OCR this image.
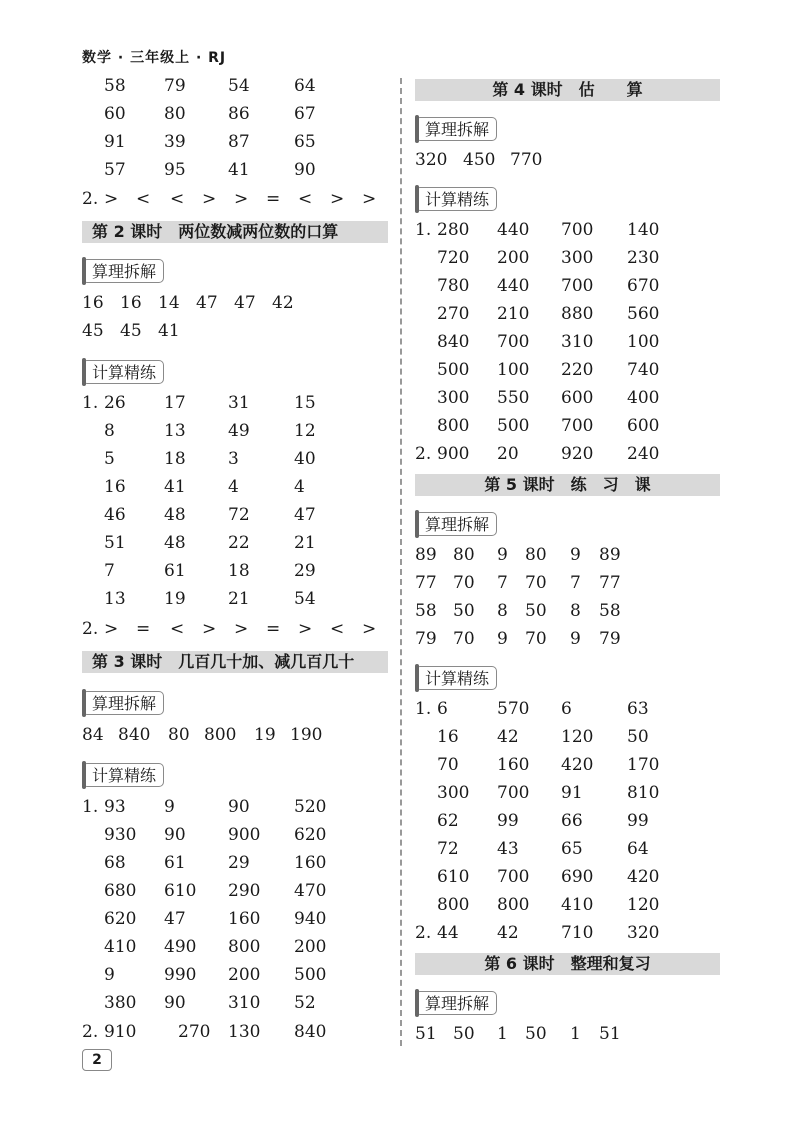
数学 · 三年级上 · RJ
58 79 54	64
60 80 86	67
91 39 87	65
57 95 41	90
2. > < < > > = < > >
第 2 课时　两位数减两位数的口算
算理拆解
16 16 14 47 47 42
45 45 41
计算精练
1. 26 17 31	15
8	13 49	12
5	18 3	40
16 41 4	4
46 48 72	47
51 48 22	21
7	61 18	29
13 19 21	54
2. > = < > > = > < >
第 3 课时　几百几十加、减几百几十
算理拆解
84 840 80 800 19 190
计算精练
1. 93 9	90	520
930 90 900 620
68 61 29	160
680 610 290 470
620 47 160 940
410 490 800 200
9	990 200 500
380 90 310 52
2. 910 270 130 840
第 4 课时　估　　算
算理拆解
320 450 770
计算精练
1. 280 440 700 140
720 200 300 230
780 440 700 670
270 210 880 560
840 700 310 100
500 100 220 740
300 550 600 400
800 500 700 600
2. 900 20 920 240
第 5 课时　练　习　课
算理拆解
89 80 9 80 9 89
77 70 7 70 7 77
58 50 8 50 8 58
79 70 9 70 9 79
计算精练
1. 6	570 6	63
16 42 120 50
70 160 420 170
300 700 91	810
62 99 66	99
72 43 65	64
610 700 690 420
800 800 410 120
2. 44 42 710 320
第 6 课时　整理和复习
算理拆解
51 50 1 50 1 51
2
